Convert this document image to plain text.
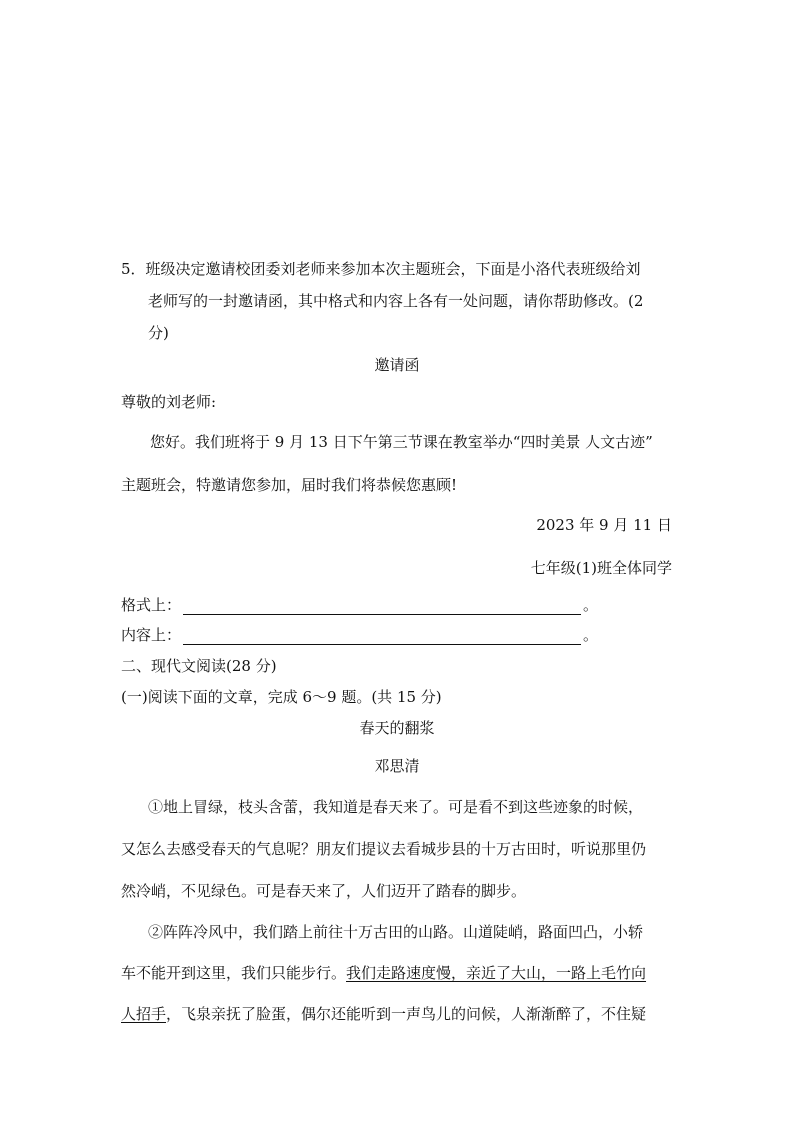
5．班级决定邀请校团委刘老师来参加本次主题班会，下面是小洛代表班级给刘
老师写的一封邀请函，其中格式和内容上各有一处问题，请你帮助修改。(2
分)
邀请函
尊敬的刘老师:
您好。我们班将于 9 月 13 日下午第三节课在教室举办“四时美景 人文古迹”
主题班会，特邀请您参加，届时我们将恭候您惠顾!
2023 年 9 月 11 日
七年级(1)班全体同学
格式上：	。
内容上：	。
二、现代文阅读(28 分)
(一)阅读下面的文章，完成 6～9 题。(共 15 分)
春天的翻浆
邓思清
①地上冒绿，枝头含蕾，我知道是春天来了。可是看不到这些迹象的时候，
又怎么去感受春天的气息呢？朋友们提议去看城步县的十万古田时，听说那里仍
然冷峭，不见绿色。可是春天来了，人们迈开了踏春的脚步。
②阵阵冷风中，我们踏上前往十万古田的山路。山道陡峭，路面凹凸，小轿
车不能开到这里，我们只能步行。我们走路速度慢，亲近了大山，一路上毛竹向
人招手，飞泉亲抚了脸蛋，偶尔还能听到一声鸟儿的问候，人渐渐醉了，不住疑
